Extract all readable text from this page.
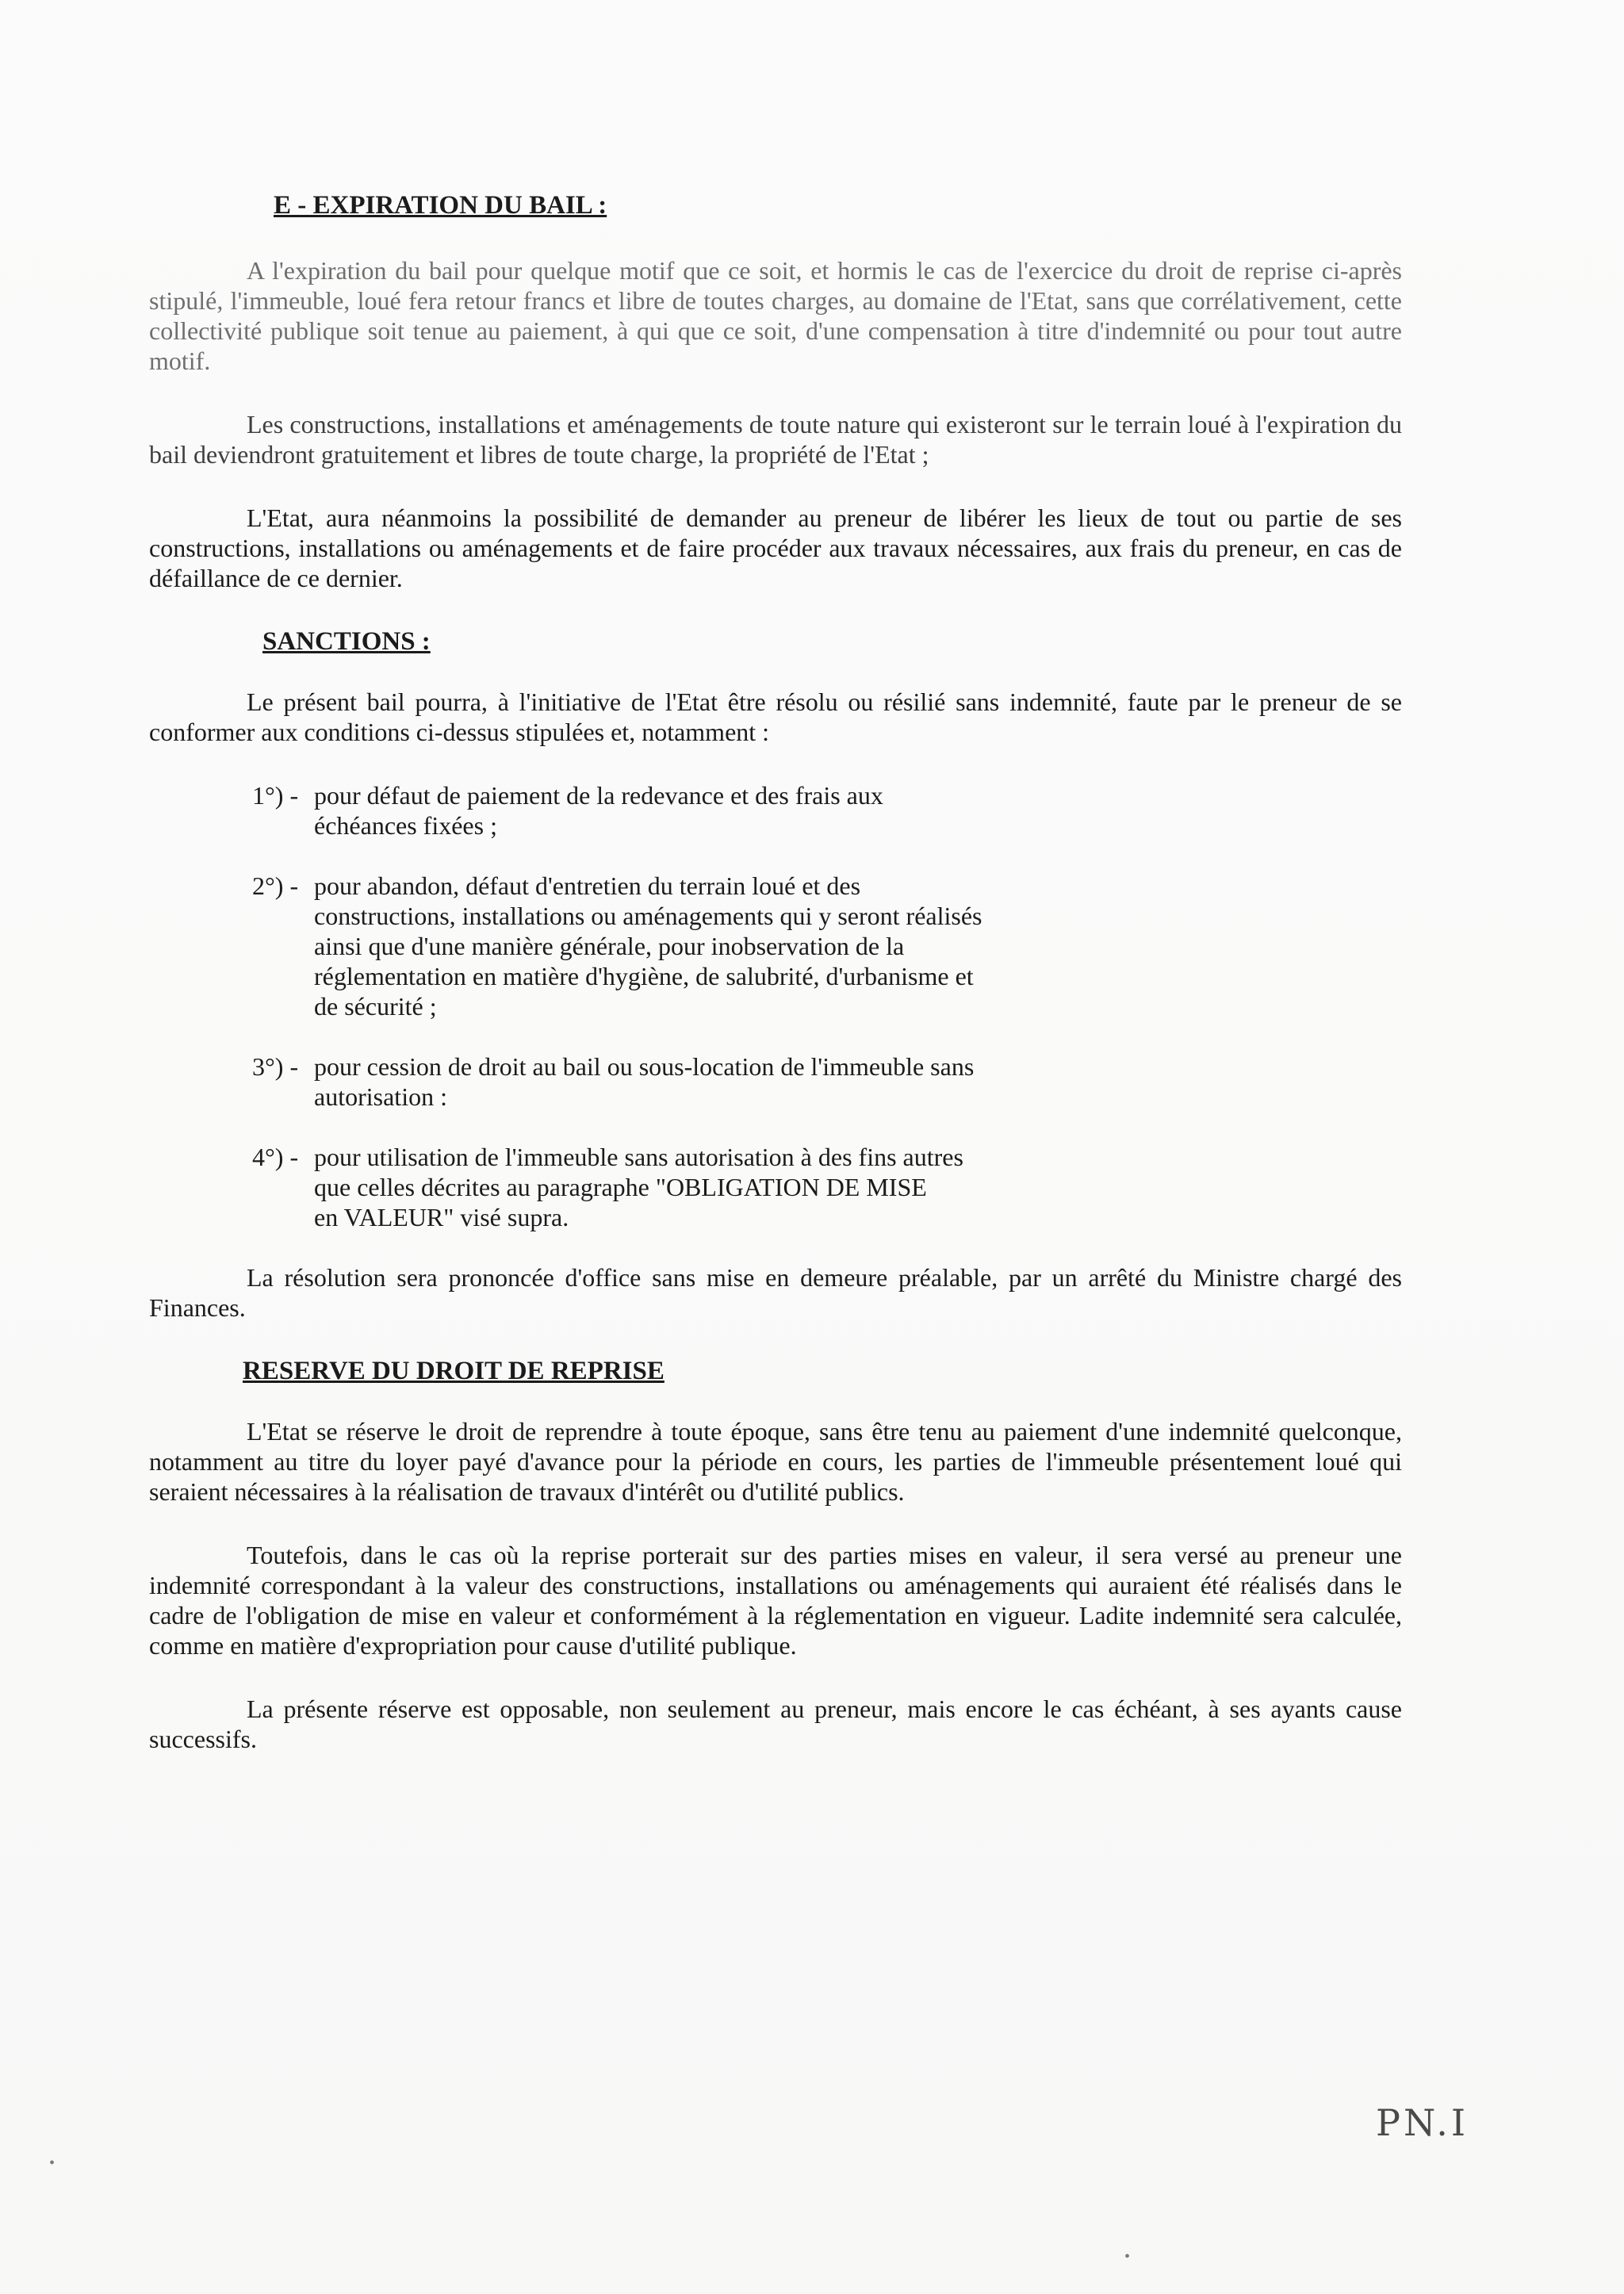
E - EXPIRATION DU BAIL :

A l'expiration du bail pour quelque motif que ce soit, et hormis le cas de l'exercice du droit de reprise ci-après stipulé, l'immeuble, loué fera retour francs et libre de toutes charges, au domaine de l'Etat, sans que corrélativement, cette collectivité publique soit tenue au paiement, à qui que ce soit, d'une compensation à titre d'indemnité ou pour tout autre motif.

Les constructions, installations et aménagements de toute nature qui existeront sur le terrain loué à l'expiration du bail deviendront gratuitement et libres de toute charge, la propriété de l'Etat ;

L'Etat, aura néanmoins la possibilité de demander au preneur de libérer les lieux de tout ou partie de ses constructions, installations ou aménagements et de faire procéder aux travaux nécessaires, aux frais du preneur, en cas de défaillance de ce dernier.

SANCTIONS :

Le présent bail pourra, à l'initiative de l'Etat être résolu ou résilié sans indemnité, faute par le preneur de se conformer aux conditions ci-dessus stipulées et, notamment :

1°) - pour défaut de paiement de la redevance et des frais aux
échéances fixées ;
2°) - pour abandon, défaut d'entretien du terrain loué et des
constructions, installations ou aménagements qui y seront réalisés
ainsi que d'une manière générale, pour inobservation de la
réglementation en matière d'hygiène, de salubrité, d'urbanisme et
de sécurité ;
3°) - pour cession de droit au bail ou sous-location de l'immeuble sans
autorisation :
4°) - pour utilisation de l'immeuble sans autorisation à des fins autres
que celles décrites au paragraphe "OBLIGATION DE MISE
en VALEUR" visé supra.

La résolution sera prononcée d'office sans mise en demeure préalable, par un arrêté du Ministre chargé des Finances.

RESERVE DU DROIT DE REPRISE

L'Etat se réserve le droit de reprendre à toute époque, sans être tenu au paiement d'une indemnité quelconque, notamment au titre du loyer payé d'avance pour la période en cours, les parties de l'immeuble présentement loué qui seraient nécessaires à la réalisation de travaux d'intérêt ou d'utilité publics.

Toutefois, dans le cas où la reprise porterait sur des parties mises en valeur, il sera versé au preneur une indemnité correspondant à la valeur des constructions, installations ou aménagements qui auraient été réalisés dans le cadre de l'obligation de mise en valeur et conformément à la réglementation en vigueur. Ladite indemnité sera calculée, comme en matière d'expropriation pour cause d'utilité publique.

La présente réserve est opposable, non seulement au preneur, mais encore le cas échéant, à ses ayants cause successifs.

PN.I
•
•
